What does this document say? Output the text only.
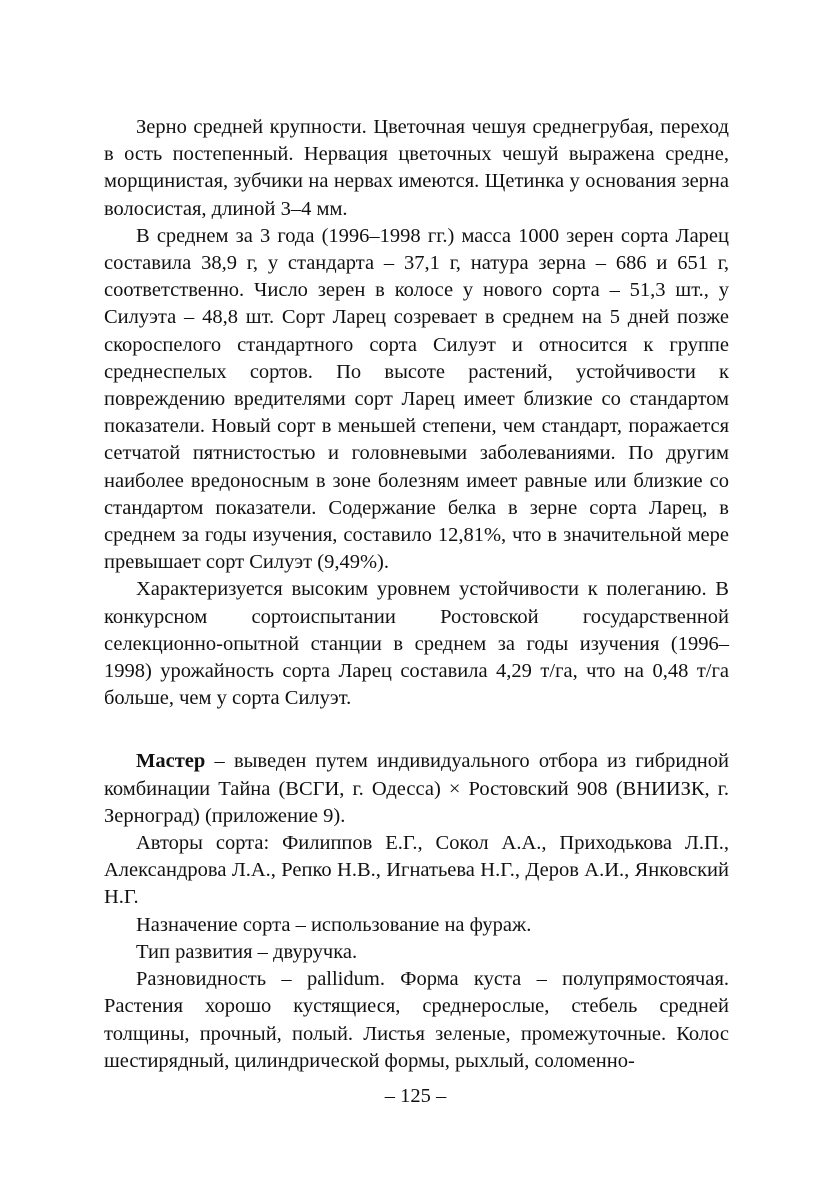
Зерно средней крупности. Цветочная чешуя среднегрубая, переход в ость постепенный. Нервация цветочных чешуй выражена средне, морщинистая, зубчики на нервах имеются. Щетинка у основания зерна волосистая, длиной 3–4 мм.

В среднем за 3 года (1996–1998 гг.) масса 1000 зерен сорта Ларец составила 38,9 г, у стандарта – 37,1 г, натура зерна – 686 и 651 г, соответственно. Число зерен в колосе у нового сорта – 51,3 шт., у Силуэта – 48,8 шт. Сорт Ларец созревает в среднем на 5 дней позже скороспелого стандартного сорта Силуэт и относится к группе среднеспелых сортов. По высоте растений, устойчивости к повреждению вредителями сорт Ларец имеет близкие со стандартом показатели. Новый сорт в меньшей степени, чем стандарт, поражается сетчатой пятнистостью и головневыми заболеваниями. По другим наиболее вредоносным в зоне болезням имеет равные или близкие со стандартом показатели. Содержание белка в зерне сорта Ларец, в среднем за годы изучения, составило 12,81%, что в значительной мере превышает сорт Силуэт (9,49%).

Характеризуется высоким уровнем устойчивости к полеганию. В конкурсном сортоиспытании Ростовской государственной селекционно-опытной станции в среднем за годы изучения (1996–1998) урожайность сорта Ларец составила 4,29 т/га, что на 0,48 т/га больше, чем у сорта Силуэт.

Мастер – выведен путем индивидуального отбора из гибридной комбинации Тайна (ВСГИ, г. Одесса) × Ростовский 908 (ВНИИЗК, г. Зерноград) (приложение 9).

Авторы сорта: Филиппов Е.Г., Сокол А.А., Приходькова Л.П., Александрова Л.А., Репко Н.В., Игнатьева Н.Г., Деров А.И., Янковский Н.Г.

Назначение сорта – использование на фураж.

Тип развития – двуручка.

Разновидность – pallidum. Форма куста – полупрямостоячая. Растения хорошо кустящиеся, среднерослые, стебель средней толщины, прочный, полый. Листья зеленые, промежуточные. Колос шестирядный, цилиндрической формы, рыхлый, соломенно-

– 125 –
